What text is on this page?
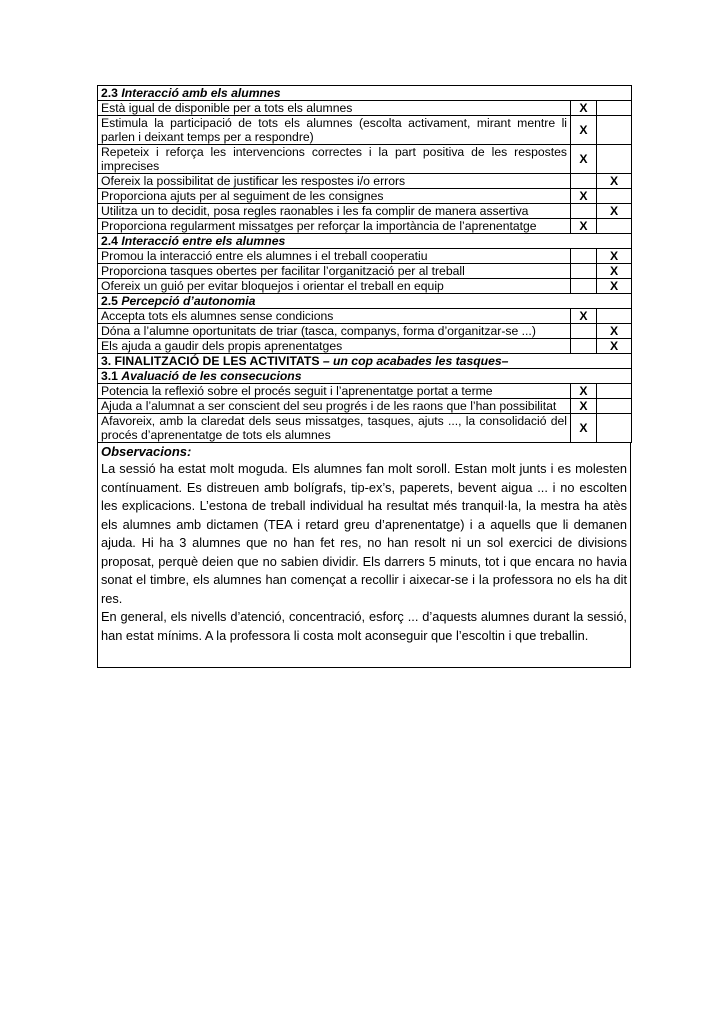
2.3 Interacció amb els alumnes		
Està igual de disponible per a tots els alumnes	X	
Estimula la participació de tots els alumnes (escolta activament, mirant mentre li parlen i deixant temps per a respondre)	X	
Repeteix i reforça les intervencions correctes i la part positiva de les respostes imprecises	X	
Ofereix la possibilitat de justificar les respostes i/o errors		X
Proporciona ajuts per al seguiment de les consignes	X	
Utilitza un to decidit, posa regles raonables i les fa complir de manera assertiva		X
Proporciona regularment missatges per reforçar la importància de l’aprenentatge	X	
2.4 Interacció entre els alumnes		
Promou la interacció entre els alumnes i el treball cooperatiu		X
Proporciona tasques obertes per facilitar l’organització per al treball		X
Ofereix un guió per evitar bloquejos i orientar el treball en equip		X
2.5 Percepció d’autonomia		
Accepta tots els alumnes sense condicions	X	
Dóna a l’alumne oportunitats de triar (tasca, companys, forma d’organitzar-se ...)		X
Els ajuda a gaudir dels propis aprenentatges		X
3. FINALITZACIÓ DE LES ACTIVITATS – un cop acabades les tasques–		
3.1 Avaluació de les consecucions		
Potencia la reflexió sobre el procés seguit i l’aprenentatge portat a terme	X	
Ajuda a l’alumnat a ser conscient del seu progrés i de les raons que l’han possibilitat	X	
Afavoreix, amb la claredat dels seus missatges, tasques, ajuts ..., la consolidació del procés d’aprenentatge de tots els alumnes	X	
Observacions:

La sessió ha estat molt moguda. Els alumnes fan molt soroll. Estan molt junts i es molesten contínuament. Es distreuen amb bolígrafs, tip-ex’s, paperets, bevent aigua ... i no escolten les explicacions. L’estona de treball individual ha resultat més tranquil·la, la mestra ha atès els alumnes amb dictamen (TEA i retard greu d’aprenentatge) i a aquells que li demanen ajuda. Hi ha 3 alumnes que no han fet res, no han resolt ni un sol exercici de divisions proposat, perquè deien que no sabien dividir. Els darrers 5 minuts, tot i que encara no havia sonat el timbre, els alumnes han començat a recollir i aixecar-se i la professora no els ha dit res.

En general, els nivells d’atenció, concentració, esforç ... d’aquests alumnes durant la sessió, han estat mínims. A la professora li costa molt aconseguir que l’escoltin i que treballin.
